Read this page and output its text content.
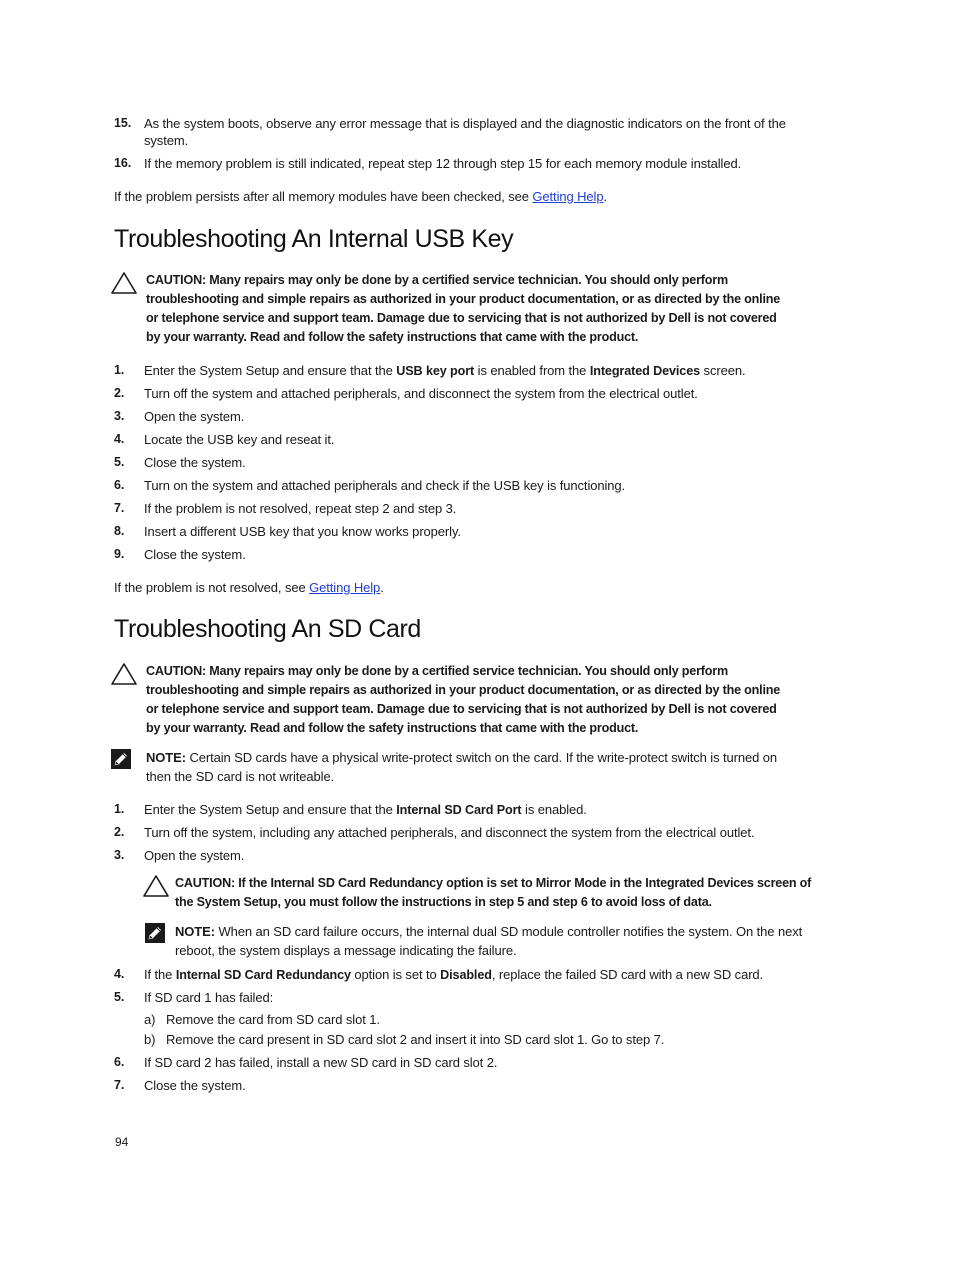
15. As the system boots, observe any error message that is displayed and the diagnostic indicators on the front of the system.
16. If the memory problem is still indicated, repeat step 12 through step 15 for each memory module installed.
If the problem persists after all memory modules have been checked, see Getting Help.
Troubleshooting An Internal USB Key
CAUTION: Many repairs may only be done by a certified service technician. You should only perform troubleshooting and simple repairs as authorized in your product documentation, or as directed by the online or telephone service and support team. Damage due to servicing that is not authorized by Dell is not covered by your warranty. Read and follow the safety instructions that came with the product.
1. Enter the System Setup and ensure that the USB key port is enabled from the Integrated Devices screen.
2. Turn off the system and attached peripherals, and disconnect the system from the electrical outlet.
3. Open the system.
4. Locate the USB key and reseat it.
5. Close the system.
6. Turn on the system and attached peripherals and check if the USB key is functioning.
7. If the problem is not resolved, repeat step 2 and step 3.
8. Insert a different USB key that you know works properly.
9. Close the system.
If the problem is not resolved, see Getting Help.
Troubleshooting An SD Card
CAUTION: Many repairs may only be done by a certified service technician. You should only perform troubleshooting and simple repairs as authorized in your product documentation, or as directed by the online or telephone service and support team. Damage due to servicing that is not authorized by Dell is not covered by your warranty. Read and follow the safety instructions that came with the product.
NOTE: Certain SD cards have a physical write-protect switch on the card. If the write-protect switch is turned on then the SD card is not writeable.
1. Enter the System Setup and ensure that the Internal SD Card Port is enabled.
2. Turn off the system, including any attached peripherals, and disconnect the system from the electrical outlet.
3. Open the system.
CAUTION: If the Internal SD Card Redundancy option is set to Mirror Mode in the Integrated Devices screen of the System Setup, you must follow the instructions in step 5 and step 6 to avoid loss of data.
NOTE: When an SD card failure occurs, the internal dual SD module controller notifies the system. On the next reboot, the system displays a message indicating the failure.
4. If the Internal SD Card Redundancy option is set to Disabled, replace the failed SD card with a new SD card.
5. If SD card 1 has failed:
a) Remove the card from SD card slot 1.
b) Remove the card present in SD card slot 2 and insert it into SD card slot 1. Go to step 7.
6. If SD card 2 has failed, install a new SD card in SD card slot 2.
7. Close the system.
94
